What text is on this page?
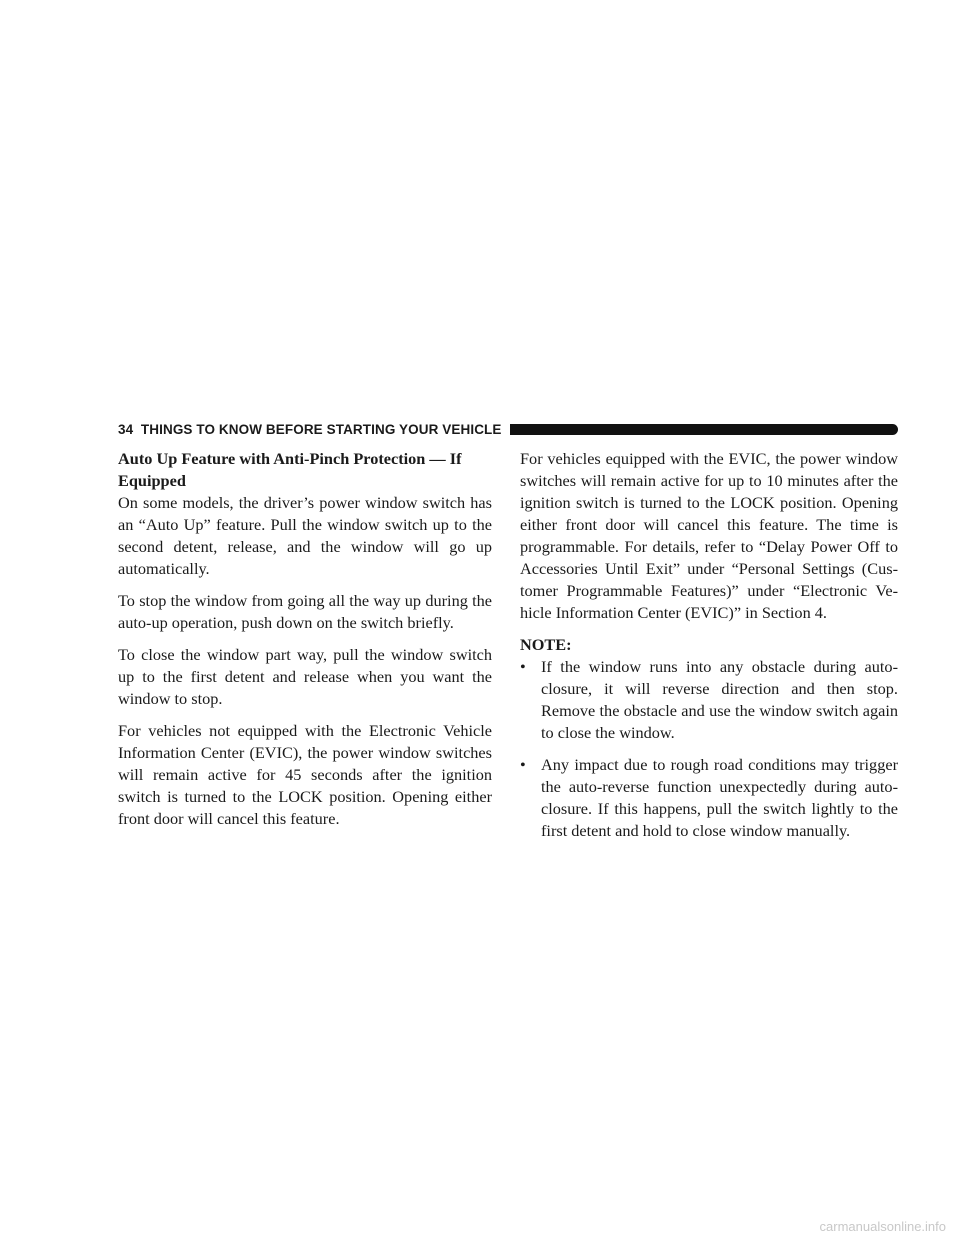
34 THINGS TO KNOW BEFORE STARTING YOUR VEHICLE
Auto Up Feature with Anti-Pinch Protection — If Equipped

On some models, the driver’s power window switch has an “Auto Up” feature. Pull the window switch up to the second detent, release, and the window will go up automatically.

To stop the window from going all the way up during the auto-up operation, push down on the switch briefly.

To close the window part way, pull the window switch up to the first detent and release when you want the window to stop.

For vehicles not equipped with the Electronic Vehicle Information Center (EVIC), the power window switches will remain active for 45 seconds after the ignition switch is turned to the LOCK position. Opening either front door will cancel this feature.

For vehicles equipped with the EVIC, the power window switches will remain active for up to 10 minutes after the ignition switch is turned to the LOCK position. Opening either front door will cancel this feature. The time is programmable. For details, refer to “Delay Power Off to Accessories Until Exit” under “Personal Settings (Customer Programmable Features)” under “Electronic Vehicle Information Center (EVIC)” in Section 4.

NOTE:
• If the window runs into any obstacle during auto-closure, it will reverse direction and then stop. Remove the obstacle and use the window switch again to close the window.
• Any impact due to rough road conditions may trigger the auto-reverse function unexpectedly during auto-closure. If this happens, pull the switch lightly to the first detent and hold to close window manually.
carmanualsonline.info
